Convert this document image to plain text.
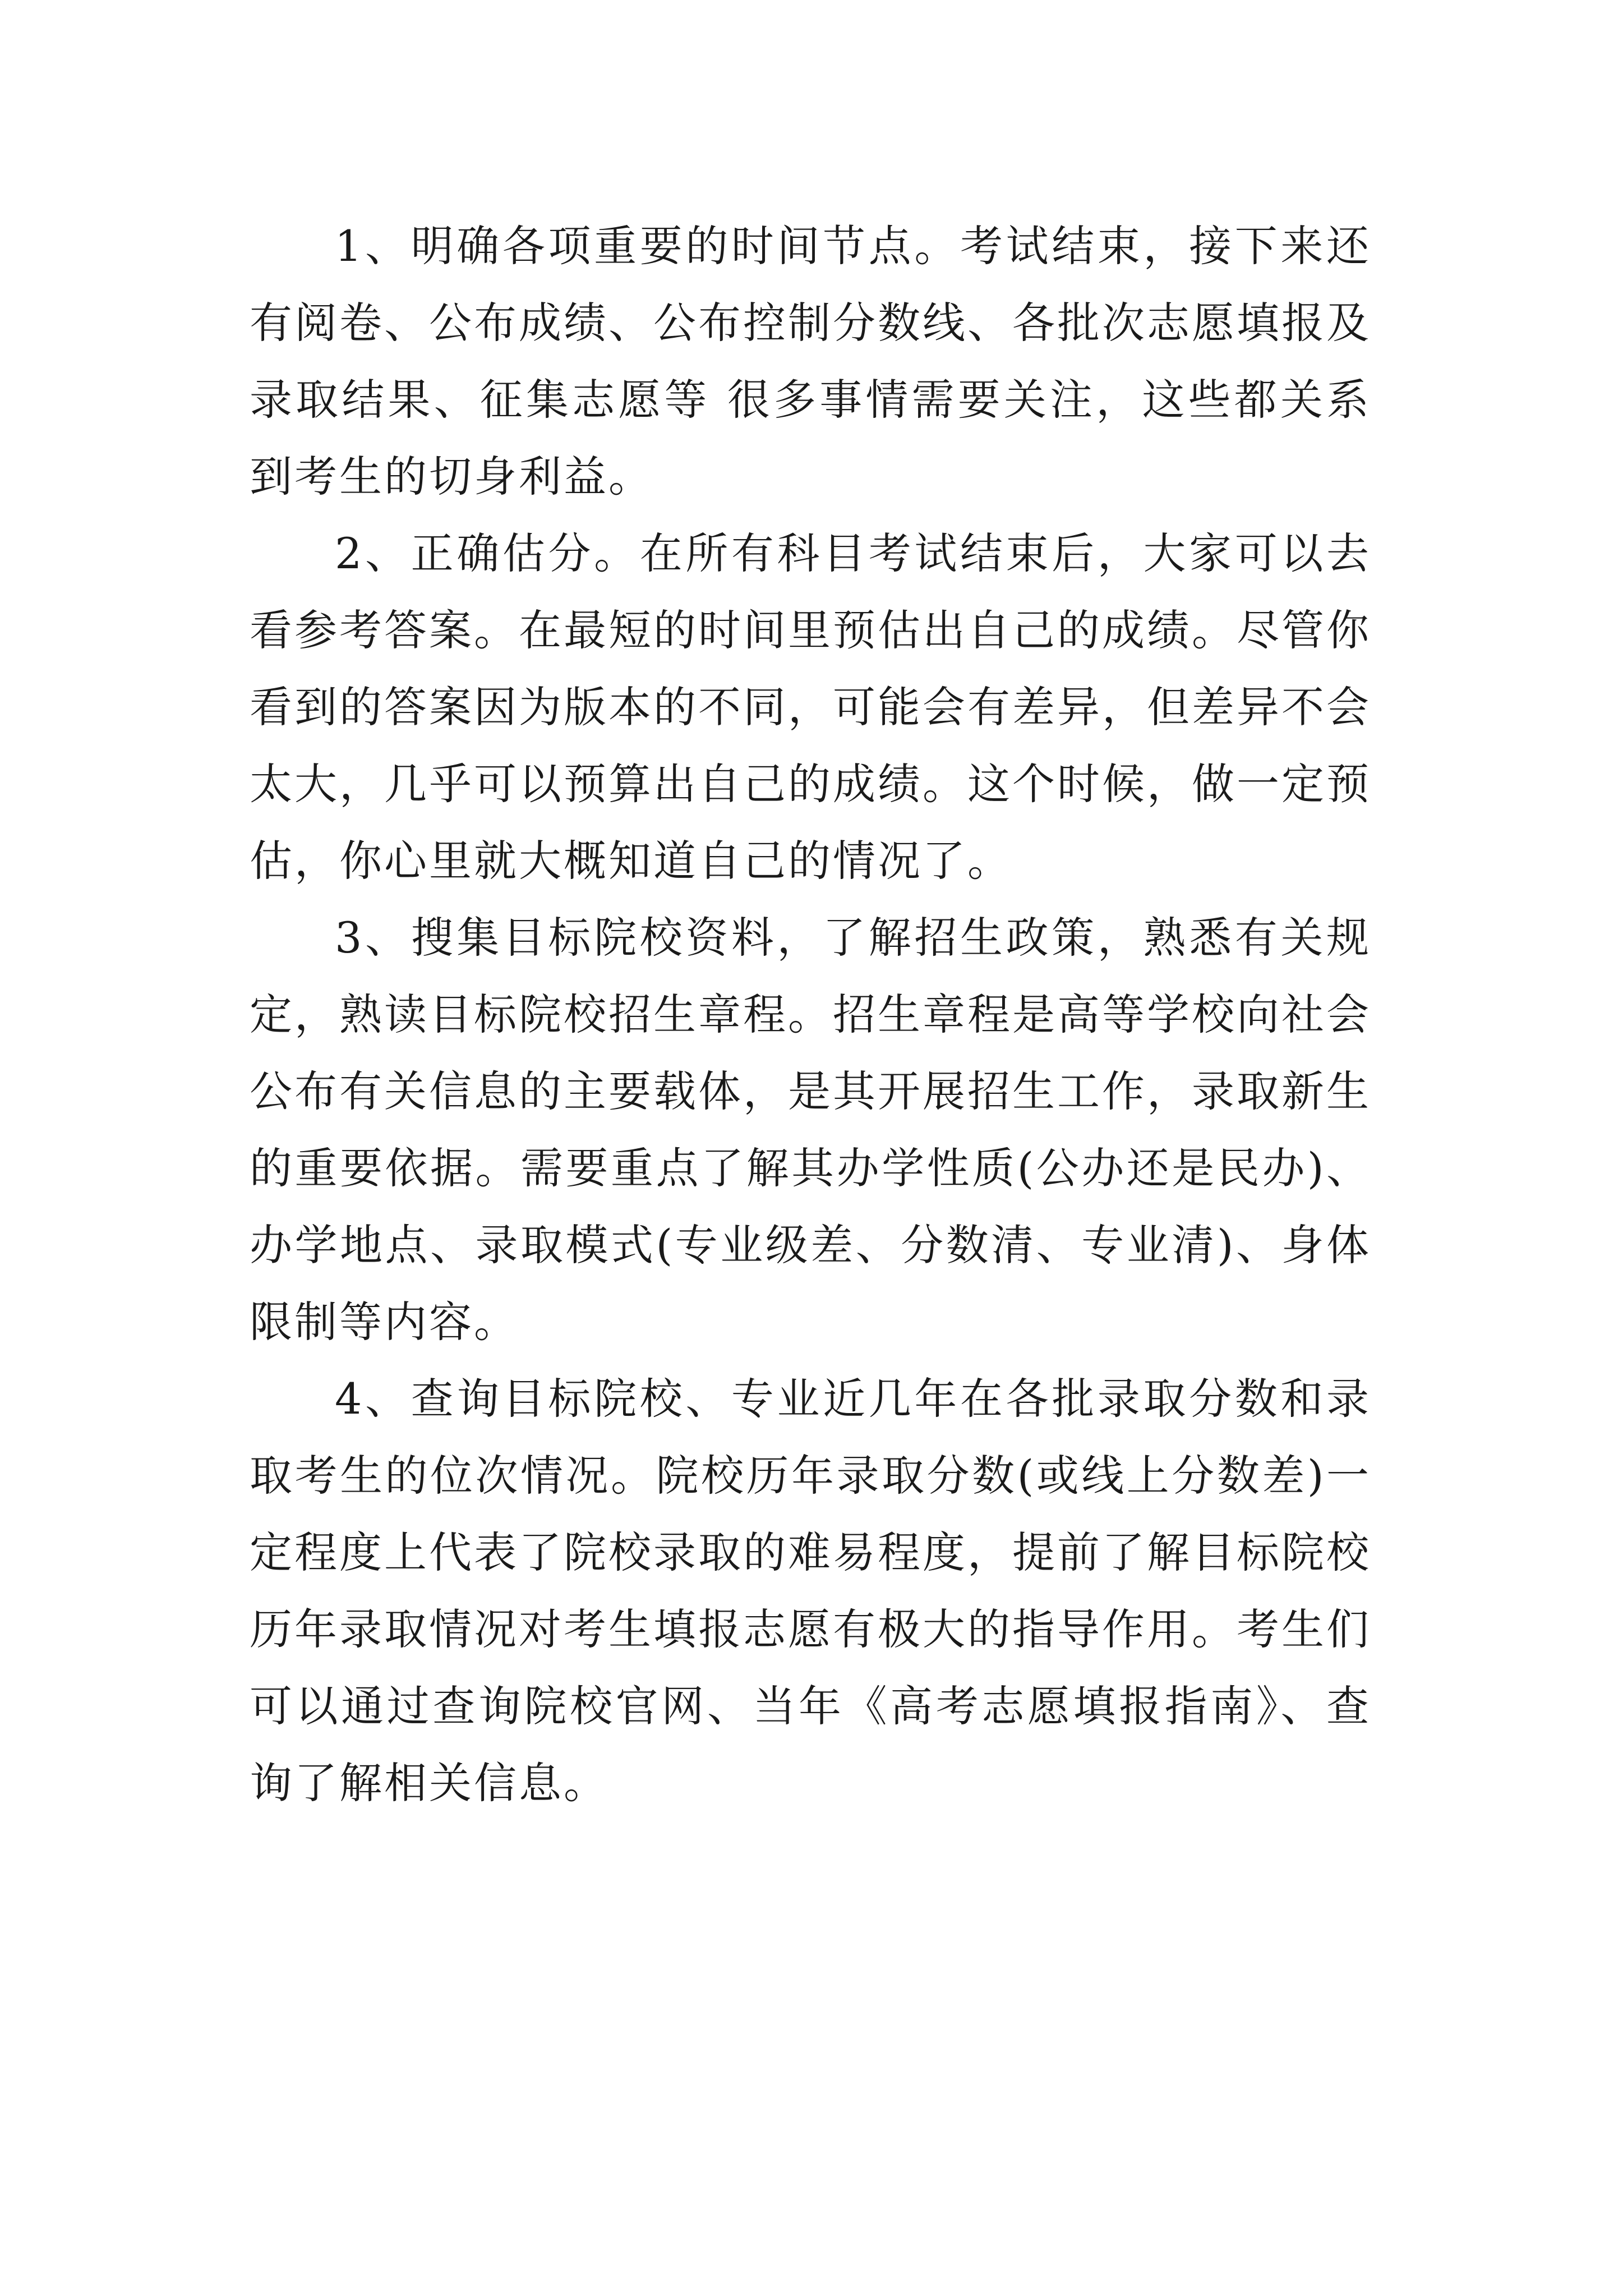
1、明确各项重要的时间节点。考试结束，接下来还有阅卷、公布成绩、公布控制分数线、各批次志愿填报及录取结果、征集志愿等 很多事情需要关注，这些都关系到考生的切身利益。

2、正确估分。在所有科目考试结束后，大家可以去看参考答案。在最短的时间里预估出自己的成绩。尽管你看到的答案因为版本的不同，可能会有差异，但差异不会太大，几乎可以预算出自己的成绩。这个时候，做一定预估，你心里就大概知道自己的情况了。

3、搜集目标院校资料，了解招生政策，熟悉有关规定，熟读目标院校招生章程。招生章程是高等学校向社会公布有关信息的主要载体，是其开展招生工作，录取新生的重要依据。需要重点了解其办学性质(公办还是民办)、办学地点、录取模式(专业级差、分数清、专业清)、身体限制等内容。

4、查询目标院校、专业近几年在各批录取分数和录取考生的位次情况。院校历年录取分数(或线上分数差)一定程度上代表了院校录取的难易程度，提前了解目标院校历年录取情况对考生填报志愿有极大的指导作用。考生们可以通过查询院校官网、当年《高考志愿填报指南》、查询了解相关信息。
